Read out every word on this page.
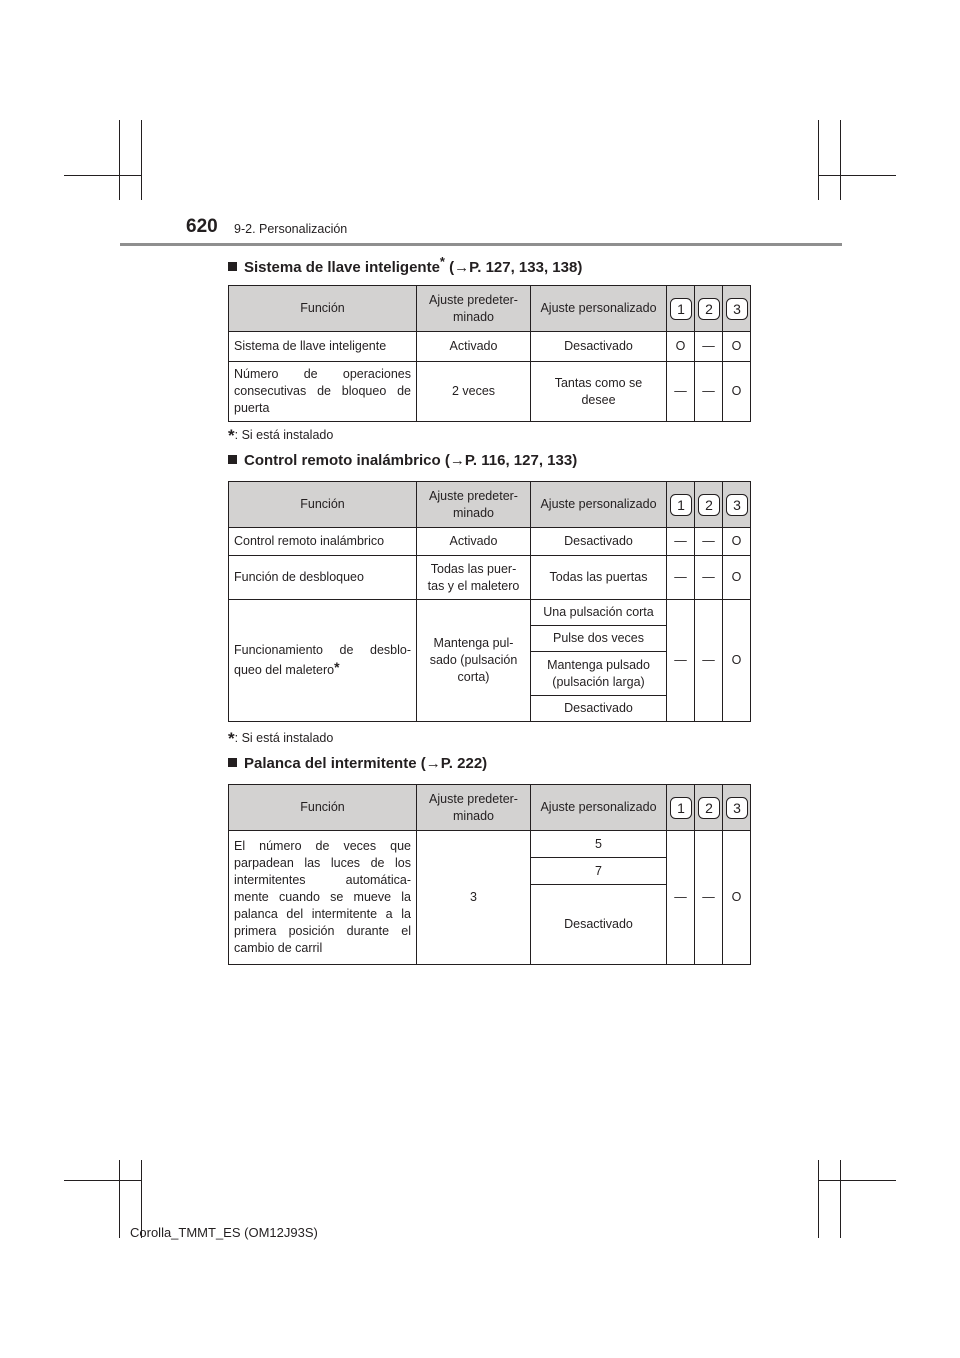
620 9-2. Personalización
Sistema de llave inteligente* (→P. 127, 133, 138)
Función	Ajuste predeter- minado	Ajuste personalizado	1	2	3

Sistema de llave inteligente	Activado	Desactivado	O	—	O
Número de operaciones consecutivas de bloqueo de puerta	2 veces	Tantas como se desee	—	—	O
*: Si está instalado
Control remoto inalámbrico (→P. 116, 127, 133)
Función	Ajuste predeter- minado	Ajuste personalizado	1	2	3

Control remoto inalámbrico	Activado	Desactivado	—	—	O
Función de desbloqueo	Todas las puer- tas y el maletero	Todas las puertas	—	—	O
Funcionamiento de desblo- queo del maletero*	Mantenga pul- sado (pulsación corta)	Una pulsación corta	—	—	O
		Pulse dos veces			
		Mantenga pulsado (pulsación larga)			
		Desactivado			
*: Si está instalado
Palanca del intermitente (→P. 222)
Función	Ajuste predeter- minado	Ajuste personalizado	1	2	3

El número de veces que parpadean las luces de los intermitentes automática- mente cuando se mueve la palanca del intermitente a la primera posición durante el cambio de carril	3	5	—	—	O
		7			
		Desactivado			
Corolla_TMMT_ES (OM12J93S)
